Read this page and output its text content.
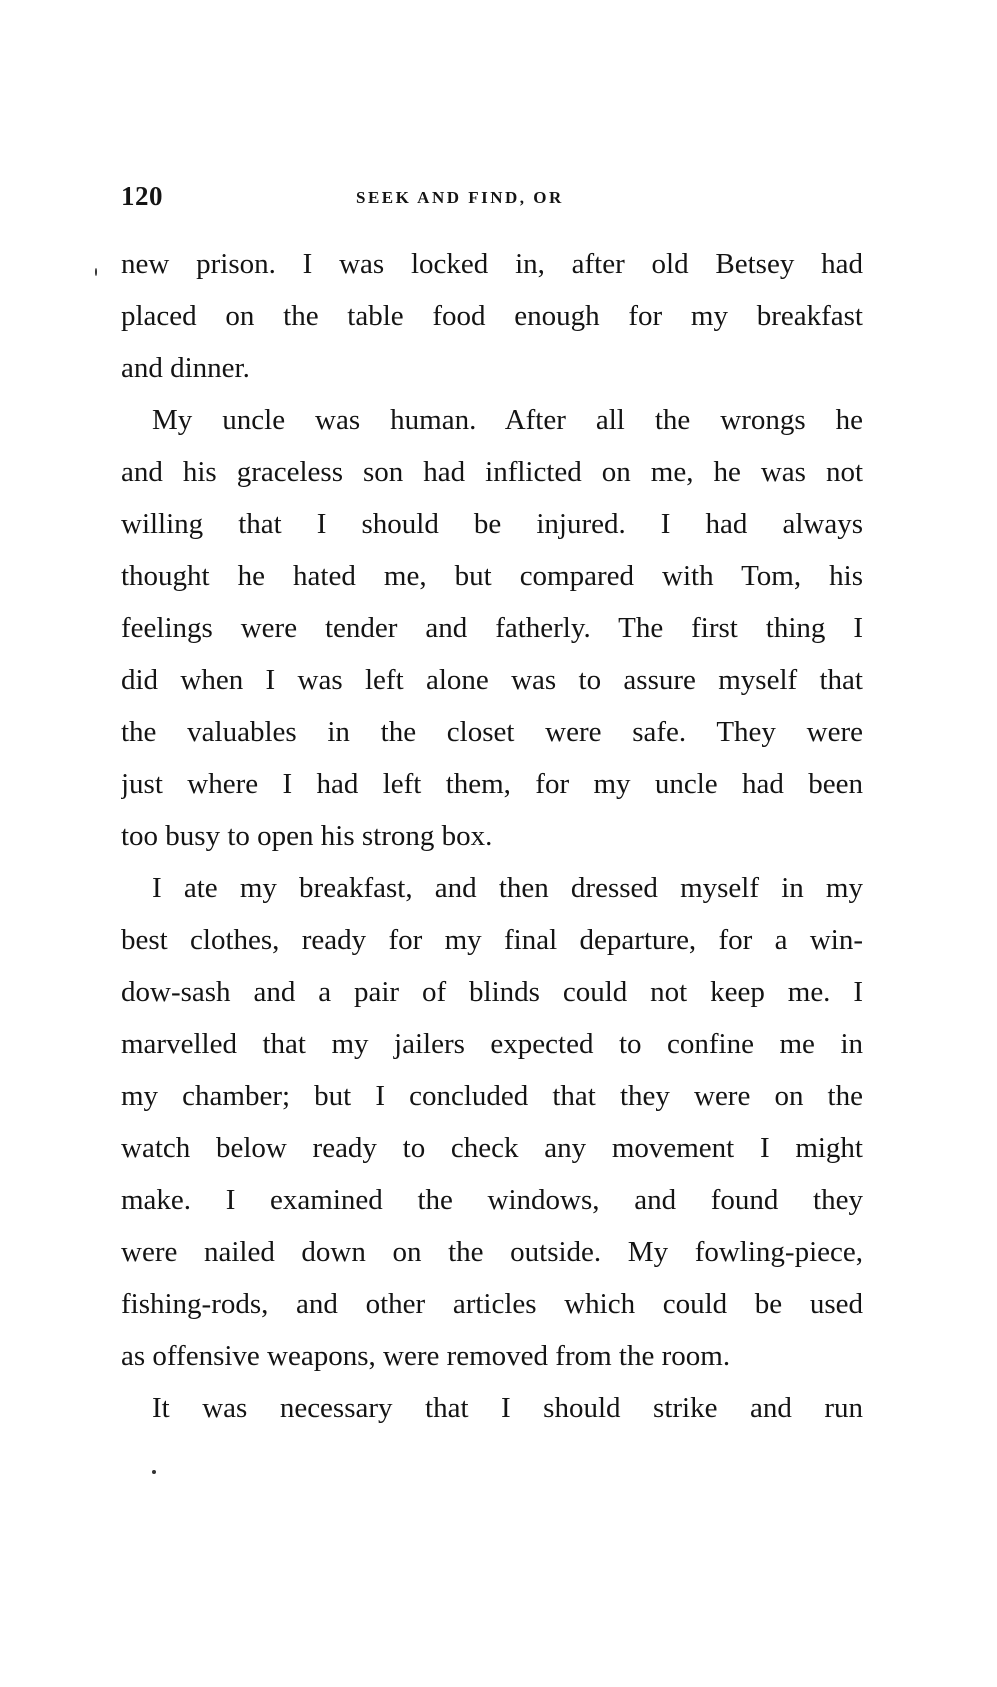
120	SEEK AND FIND, OR
new prison. I was locked in, after old Betsey had
placed on the table food enough for my breakfast
and dinner.
My uncle was human. After all the wrongs he
and his graceless son had inflicted on me, he was not
willing that I should be injured. I had always
thought he hated me, but compared with Tom, his
feelings were tender and fatherly. The first thing I
did when I was left alone was to assure myself that
the valuables in the closet were safe. They were
just where I had left them, for my uncle had been
too busy to open his strong box.
I ate my breakfast, and then dressed myself in my
best clothes, ready for my final departure, for a win-
dow-sash and a pair of blinds could not keep me. I
marvelled that my jailers expected to confine me in
my chamber; but I concluded that they were on the
watch below ready to check any movement I might
make. I examined the windows, and found they
were nailed down on the outside. My fowling-piece,
fishing-rods, and other articles which could be used
as offensive weapons, were removed from the room.
It was necessary that I should strike and run
